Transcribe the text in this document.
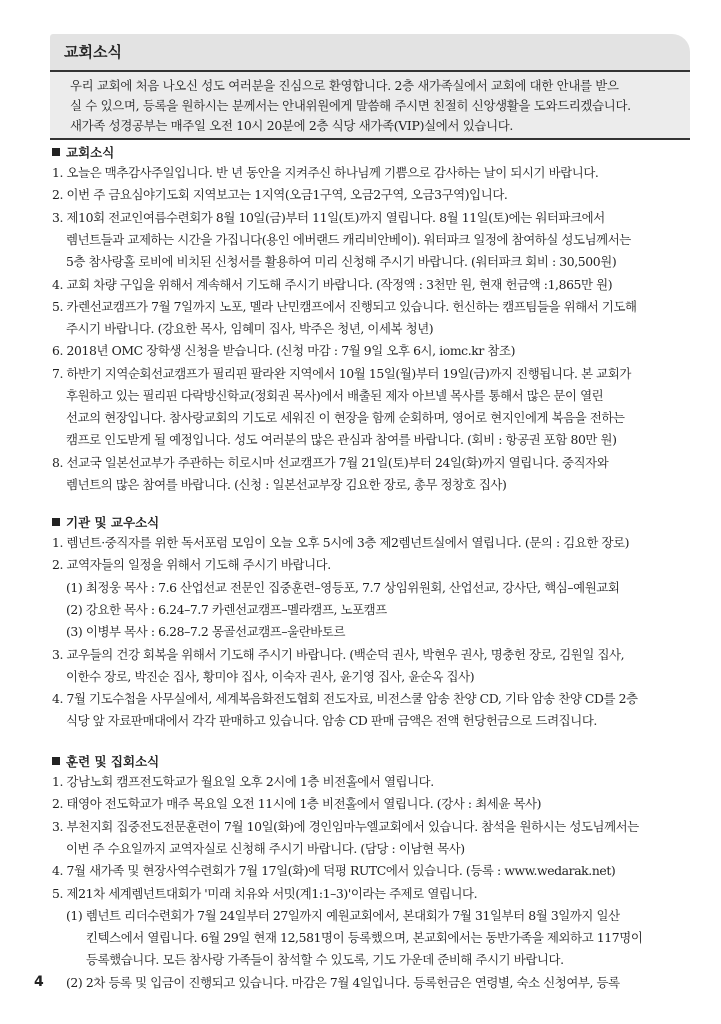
교회소식
우리 교회에 처음 나오신 성도 여러분을 진심으로 환영합니다. 2층 새가족실에서 교회에 대한 안내를 받으
실 수 있으며, 등록을 원하시는 분께서는 안내위원에게 말씀해 주시면 친절히 신앙생활을 도와드리겠습니다.
새가족 성경공부는 매주일 오전 10시 20분에 2층 식당 새가족(VIP)실에서 있습니다.
교회소식
1. 오늘은 맥추감사주일입니다. 반 년 동안을 지켜주신 하나님께 기쁨으로 감사하는 날이 되시기 바랍니다.
2. 이번 주 금요심야기도회 지역보고는 1지역(오금1구역, 오금2구역, 오금3구역)입니다.
3. 제10회 전교인여름수련회가 8월 10일(금)부터 11일(토)까지 열립니다. 8월 11일(토)에는 워터파크에서
렘넌트들과 교제하는 시간을 가집니다(용인 에버랜드 캐리비안베이). 워터파크 일정에 참여하실 성도님께서는
5층 참사랑홀 로비에 비치된 신청서를 활용하여 미리 신청해 주시기 바랍니다. (워터파크 회비 : 30,500원)
4. 교회 차량 구입을 위해서 계속해서 기도해 주시기 바랍니다. (작정액 : 3천만 원, 현재 헌금액 :1,865만 원)
5. 카렌선교캠프가 7월 7일까지 노포, 멜라 난민캠프에서 진행되고 있습니다. 헌신하는 캠프팀들을 위해서 기도해
주시기 바랍니다. (강요한 목사, 임혜미 집사, 박주은 청년, 이세복 청년)
6. 2018년 OMC 장학생 신청을 받습니다. (신청 마감 : 7월 9일 오후 6시, iomc.kr 참조)
7. 하반기 지역순회선교캠프가 필리핀 팔라완 지역에서 10월 15일(월)부터 19일(금)까지 진행됩니다. 본 교회가
후원하고 있는 필리핀 다락방신학교(정회권 목사)에서 배출된 제자 아브넬 목사를 통해서 많은 문이 열린
선교의 현장입니다. 참사랑교회의 기도로 세워진 이 현장을 함께 순회하며, 영어로 현지인에게 복음을 전하는
캠프로 인도받게 될 예정입니다. 성도 여러분의 많은 관심과 참여를 바랍니다. (회비 : 항공권 포함 80만 원)
8. 선교국 일본선교부가 주관하는 히로시마 선교캠프가 7월 21일(토)부터 24일(화)까지 열립니다. 중직자와
렘넌트의 많은 참여를 바랍니다. (신청 : 일본선교부장 김요한 장로, 총무 정창호 집사)
기관 및 교우소식
1. 렘넌트·중직자를 위한 독서포럼 모임이 오늘 오후 5시에 3층 제2렘넌트실에서 열립니다. (문의 : 김요한 장로)
2. 교역자들의 일정을 위해서 기도해 주시기 바랍니다.
(1) 최정웅 목사 : 7.6 산업선교 전문인 집중훈련–영등포, 7.7 상임위원회, 산업선교, 강사단, 핵심–예원교회
(2) 강요한 목사 : 6.24–7.7 카렌선교캠프–멜라캠프, 노포캠프
(3) 이병부 목사 : 6.28–7.2 몽골선교캠프–울란바토르
3. 교우들의 건강 회복을 위해서 기도해 주시기 바랍니다. (백순덕 권사, 박현우 권사, 명충헌 장로, 김원일 집사,
이한수 장로, 박진순 집사, 황미야 집사, 이숙자 권사, 윤기영 집사, 윤순옥 집사)
4. 7월 기도수첩을 사무실에서, 세계복음화전도협회 전도자료, 비전스쿨 암송 찬양 CD, 기타 암송 찬양 CD를 2층
식당 앞 자료판매대에서 각각 판매하고 있습니다. 암송 CD 판매 금액은 전액 헌당헌금으로 드려집니다.
훈련 및 집회소식
1. 강남노회 캠프전도학교가 월요일 오후 2시에 1층 비전홀에서 열립니다.
2. 태영아 전도학교가 매주 목요일 오전 11시에 1층 비전홀에서 열립니다. (강사 : 최세윤 목사)
3. 부천지회 집중전도전문훈련이 7월 10일(화)에 경인임마누엘교회에서 있습니다. 참석을 원하시는 성도님께서는
이번 주 수요일까지 교역자실로 신청해 주시기 바랍니다. (담당 : 이남현 목사)
4. 7월 새가족 및 현장사역수련회가 7월 17일(화)에 덕평 RUTC에서 있습니다. (등록 : www.wedarak.net)
5. 제21차 세계렘넌트대회가 '미래 치유와 서밋(계1:1–3)'이라는 주제로 열립니다.
(1) 렘넌트 리더수련회가 7월 24일부터 27일까지 예원교회에서, 본대회가 7월 31일부터 8월 3일까지 일산
킨텍스에서 열립니다. 6월 29일 현재 12,581명이 등록했으며, 본교회에서는 동반가족을 제외하고 117명이
등록했습니다. 모든 참사랑 가족들이 참석할 수 있도록, 기도 가운데 준비해 주시기 바랍니다.
(2) 2차 등록 및 입금이 진행되고 있습니다. 마감은 7월 4일입니다. 등록헌금은 연령별, 숙소 신청여부, 등록
4
